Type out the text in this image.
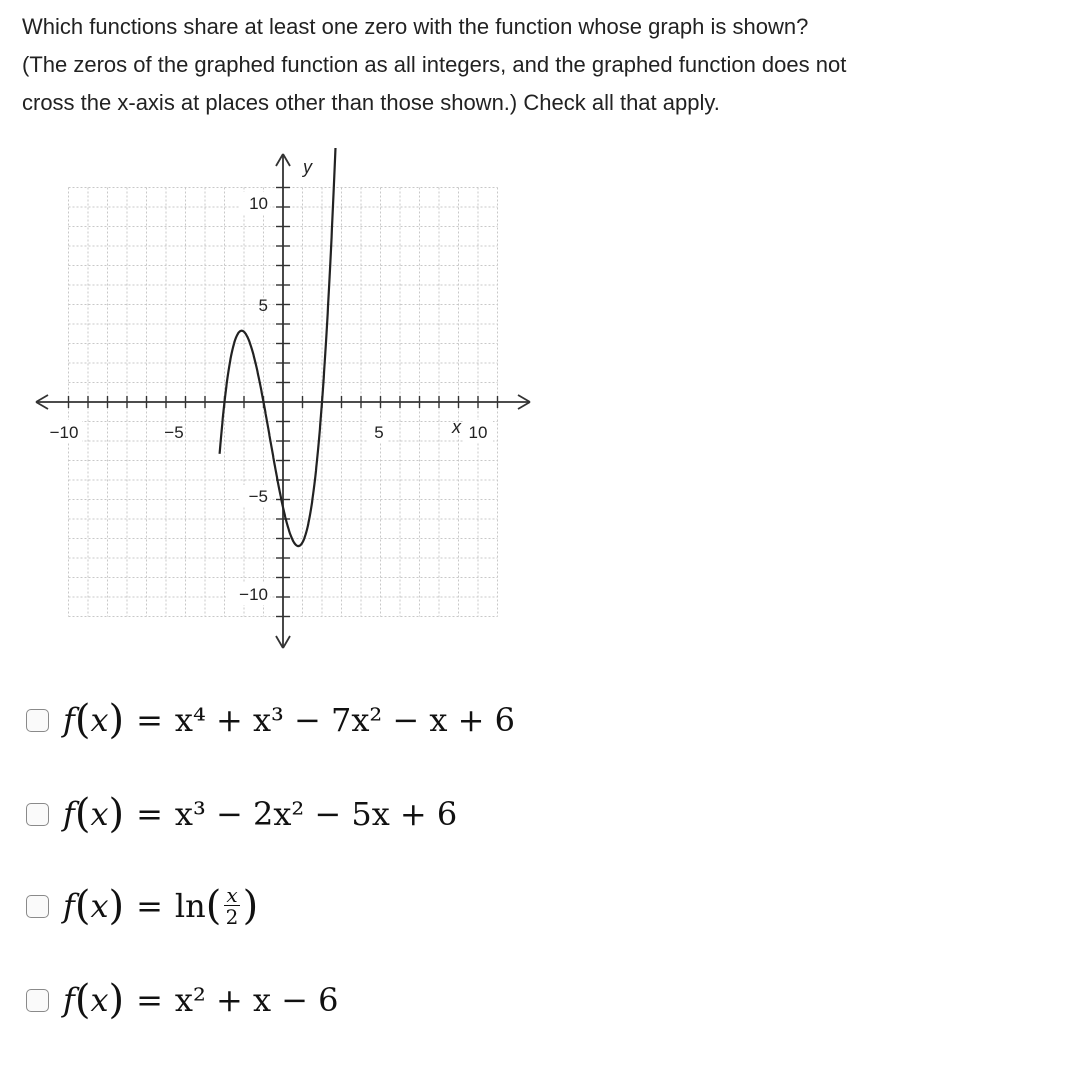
Which functions share at least one zero with the function whose graph is shown?

(The zeros of the graphed function as all integers, and the graphed function does not

cross the x-axis at places other than those shown.) Check all that apply.

x
y
−10	−5	5	10
10
5
−5
−10
f ( x ) = x⁴ + x³ − 7x² − x + 6
f ( x ) = x³ − 2x² − 5x + 6
f ( x ) = ln ( $\frac{x}{2}$ )
f ( x ) = x² + x − 6
